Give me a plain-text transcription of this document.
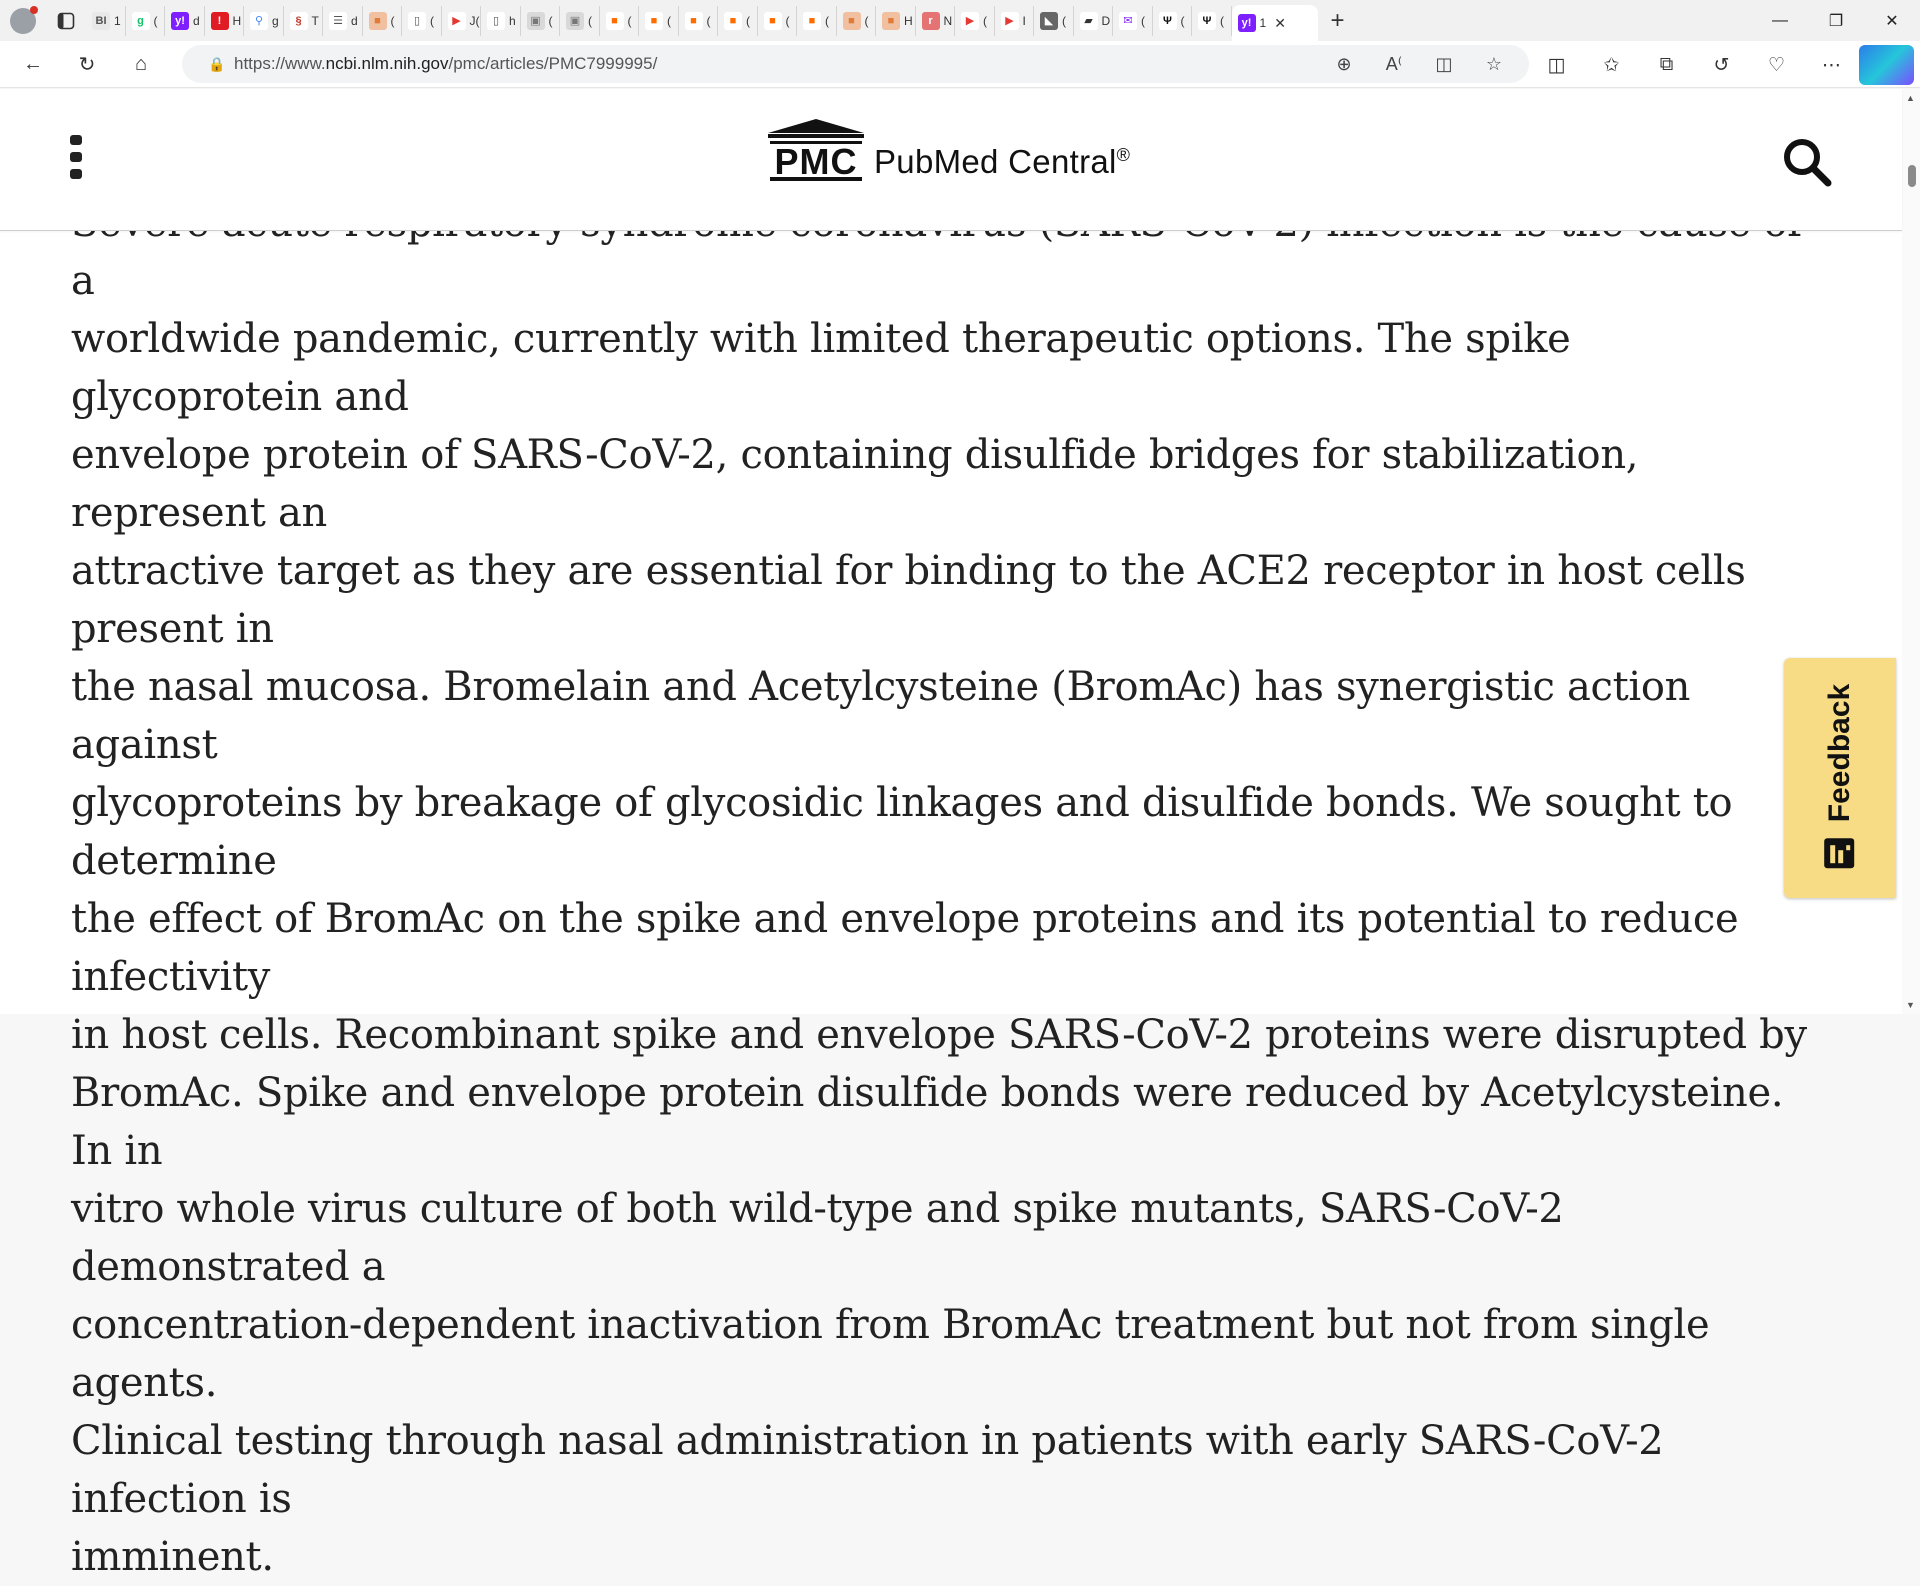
BI 1	g (	y! d	! H	⚲ g	§ T	☰ d	■ (	▯ (	▶ J(	▯ h	▣ (	▣ (	■ (	■ (	■ (	■ (	■ (	■ (	■ (	■ H	r N	▶ (	▶ I	◣ (	▰ D	✉ (	Ψ (	Ψ (	y! 1 ✕ +	—	❐	✕
← ↻ ⌂	🔒 https://www.ncbi.nlm.nih.gov/pmc/articles/PMC7999995/	⊕	A⁽	◫	☆	◫	✩	⧉	↺	♡	⋯
PMC PubMed Central®

a

worldwide pandemic, currently with limited therapeutic options. The spike glycoprotein and

envelope protein of SARS-CoV-2, containing disulfide bridges for stabilization, represent an

attractive target as they are essential for binding to the ACE2 receptor in host cells present in

the nasal mucosa. Bromelain and Acetylcysteine (BromAc) has synergistic action against

glycoproteins by breakage of glycosidic linkages and disulfide bonds. We sought to determine

the effect of BromAc on the spike and envelope proteins and its potential to reduce infectivity

in host cells. Recombinant spike and envelope SARS-CoV-2 proteins were disrupted by

BromAc. Spike and envelope protein disulfide bonds were reduced by Acetylcysteine. In in

vitro whole virus culture of both wild-type and spike mutants, SARS-CoV-2 demonstrated a

concentration-dependent inactivation from BromAc treatment but not from single agents.

Clinical testing through nasal administration in patients with early SARS-CoV-2 infection is

imminent.

Feedback
▲
▼
